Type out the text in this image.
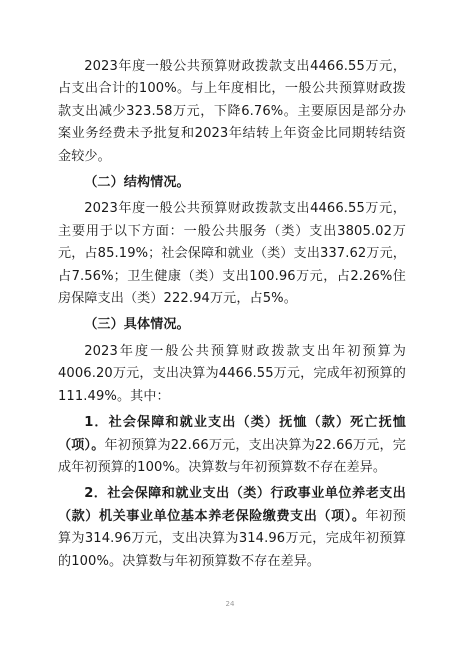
2023年度一般公共预算财政拨款支出4466.55万元，占支出合计的100%。与上年度相比，一般公共预算财政拨款支出减少323.58万元，下降6.76%。主要原因是部分办案业务经费未予批复和2023年结转上年资金比同期转结资金较少。

（二）结构情况。

2023年度一般公共预算财政拨款支出4466.55万元，主要用于以下方面：一般公共服务（类）支出3805.02万元，占85.19%；社会保障和就业（类）支出337.62万元，占7.56%；卫生健康（类）支出100.96万元，占2.26%住房保障支出（类）222.94万元，占5%。

（三）具体情况。

2023年度一般公共预算财政拨款支出年初预算为4006.20万元，支出决算为4466.55万元，完成年初预算的111.49%。其中：

1．社会保障和就业支出（类）抚恤（款）死亡抚恤（项）。年初预算为22.66万元，支出决算为22.66万元，完成年初预算的100%。决算数与年初预算数不存在差异。

2．社会保障和就业支出（类）行政事业单位养老支出（款）机关事业单位基本养老保险缴费支出（项）。年初预算为314.96万元，支出决算为314.96万元，完成年初预算的100%。决算数与年初预算数不存在差异。

24
